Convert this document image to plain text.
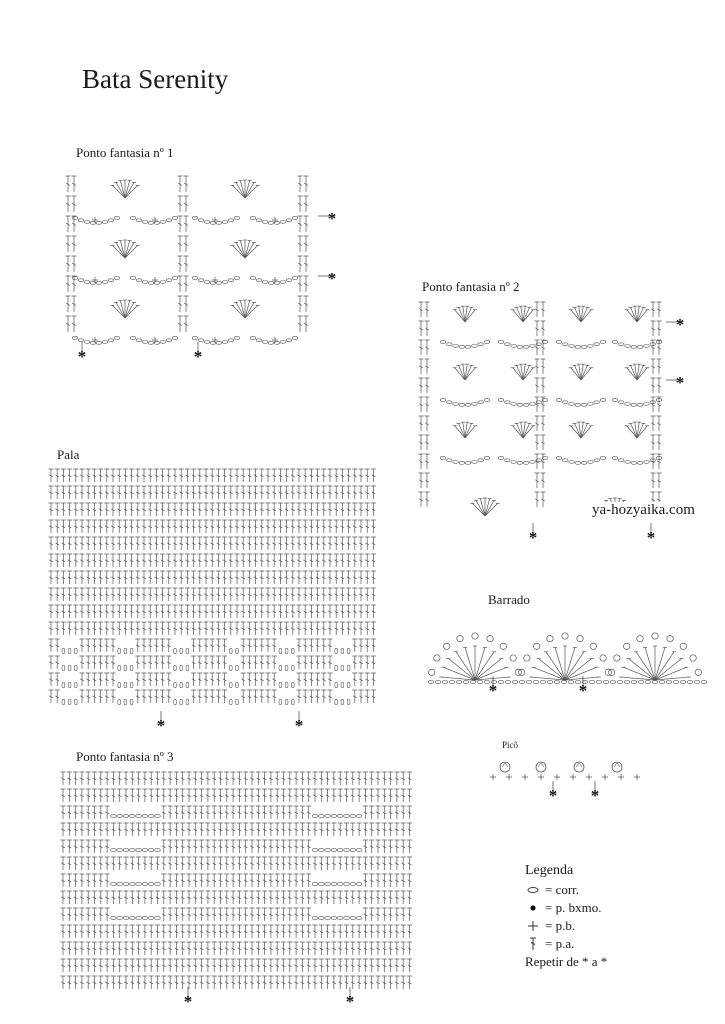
Bata Serenity
Ponto fantasia nº 1
*
*
*	*
Ponto fantasia nº 2
*
*
*	*
Pala
*	*
Barrado
*	*
Picô
* *
Ponto fantasia nº 3
*	*
ya-hozyaika.com
Legenda
= corr.
= p. bxmo.
= p.b.
= p.a.
Repetir de * a *
